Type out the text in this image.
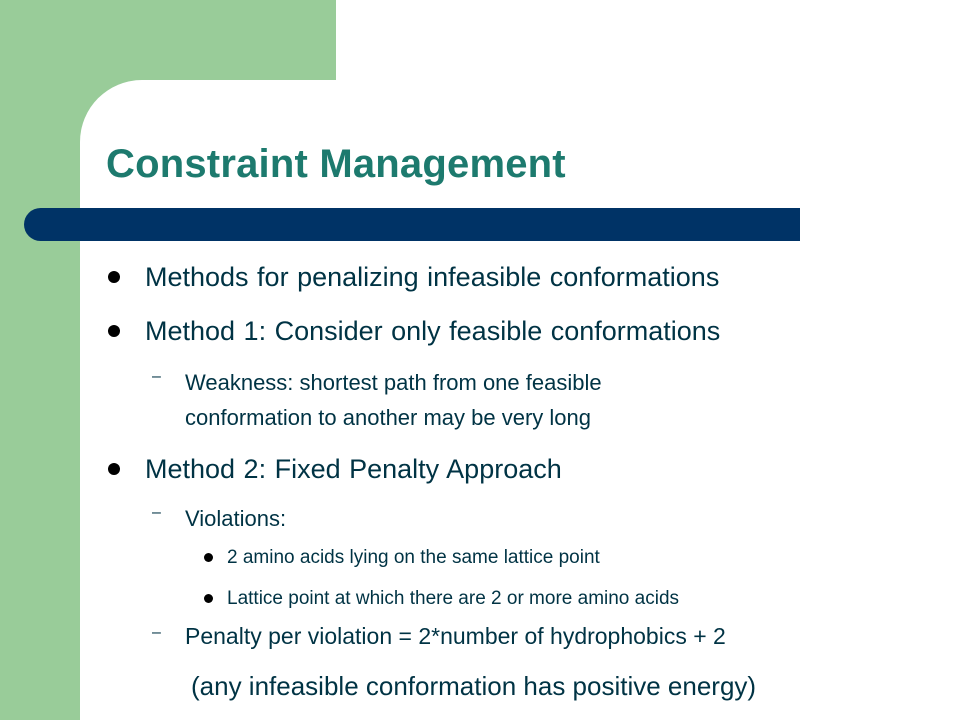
Constraint Management
Methods for penalizing infeasible conformations
Method 1: Consider only feasible conformations
– Weakness: shortest path from one feasible
conformation to another may be very long
Method 2: Fixed Penalty Approach
– Violations:
2 amino acids lying on the same lattice point
Lattice point at which there are 2 or more amino acids
– Penalty per violation = 2*number of hydrophobics + 2
(any infeasible conformation has positive energy)
